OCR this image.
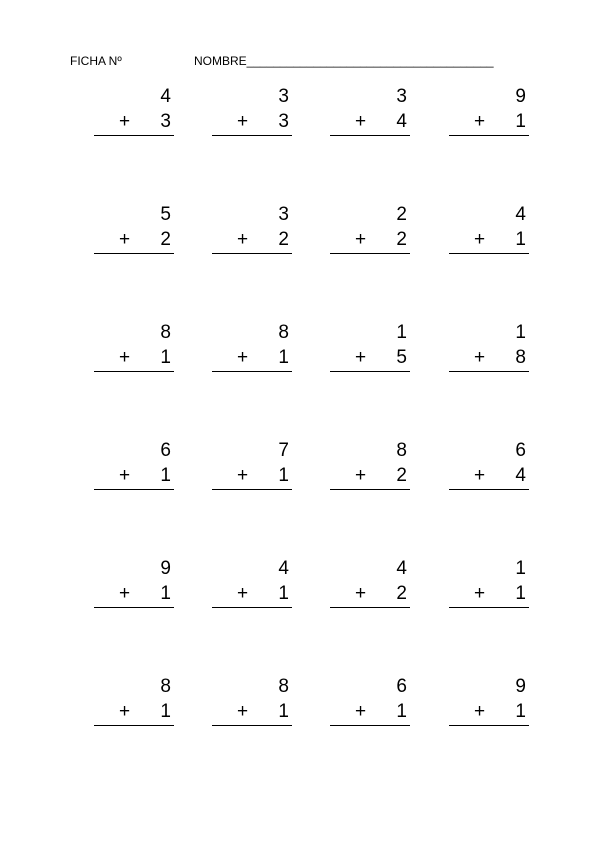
FICHA Nº	NOMBRE_____________________________________
4
+ 3
3
+ 3
3
+ 4
9
+ 1
5
+ 2
3
+ 2
2
+ 2
4
+ 1
8
+ 1
8
+ 1
1
+ 5
1
+ 8
6
+ 1
7
+ 1
8
+ 2
6
+ 4
9
+ 1
4
+ 1
4
+ 2
1
+ 1
8
+ 1
8
+ 1
6
+ 1
9
+ 1
